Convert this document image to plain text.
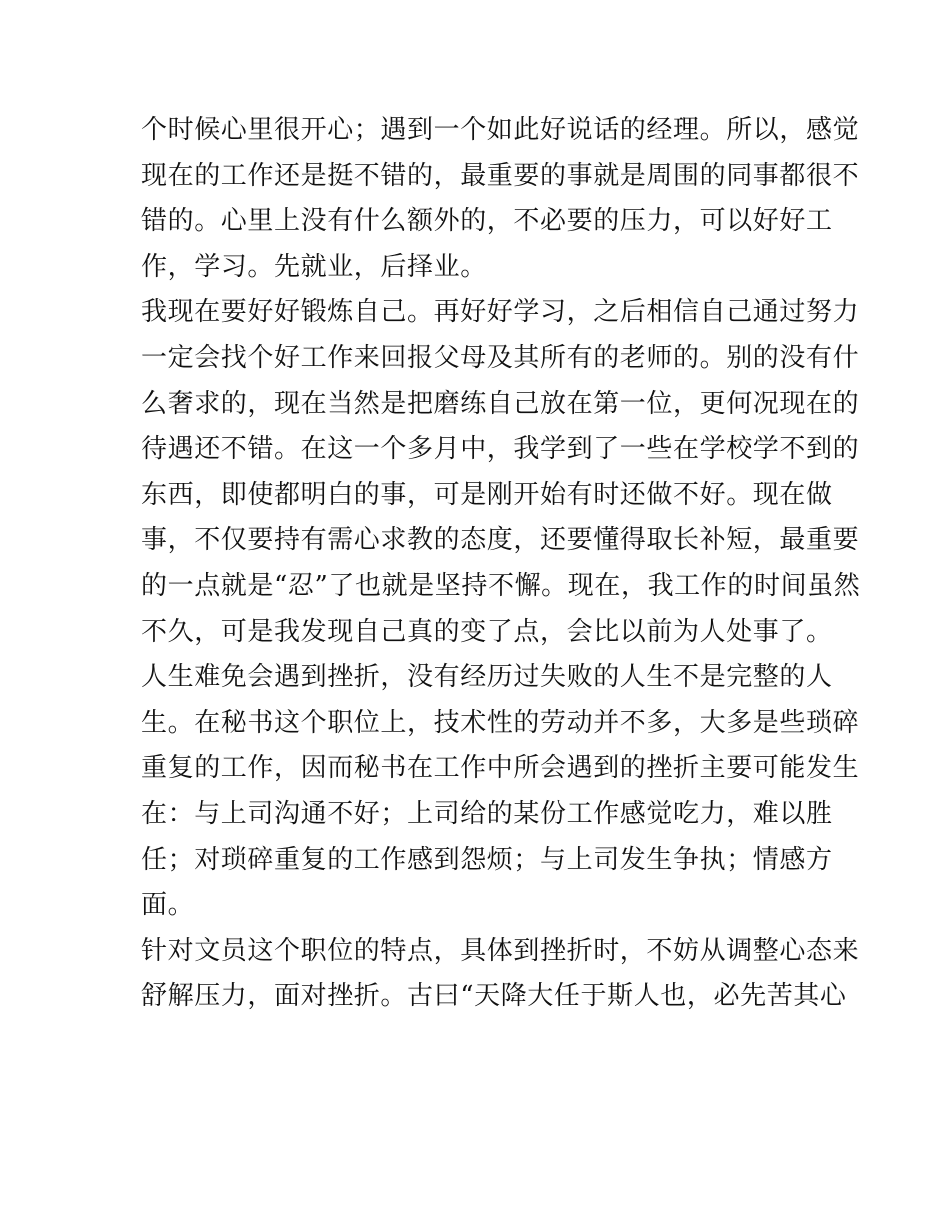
个时候心里很开心；遇到一个如此好说话的经理。所以，感觉

现在的工作还是挺不错的，最重要的事就是周围的同事都很不

错的。心里上没有什么额外的，不必要的压力，可以好好工

作，学习。先就业，后择业。

我现在要好好锻炼自己。再好好学习，之后相信自己通过努力

一定会找个好工作来回报父母及其所有的老师的。别的没有什

么奢求的，现在当然是把磨练自己放在第一位，更何况现在的

待遇还不错。在这一个多月中，我学到了一些在学校学不到的

东西，即使都明白的事，可是刚开始有时还做不好。现在做

事，不仅要持有需心求教的态度，还要懂得取长补短，最重要

的一点就是“忍”了也就是坚持不懈。现在，我工作的时间虽然

不久，可是我发现自己真的变了点，会比以前为人处事了。

人生难免会遇到挫折，没有经历过失败的人生不是完整的人

生。在秘书这个职位上，技术性的劳动并不多，大多是些琐碎

重复的工作，因而秘书在工作中所会遇到的挫折主要可能发生

在：与上司沟通不好；上司给的某份工作感觉吃力，难以胜

任；对琐碎重复的工作感到怨烦；与上司发生争执；情感方

面。

针对文员这个职位的特点，具体到挫折时，不妨从调整心态来

舒解压力，面对挫折。古曰“天降大任于斯人也，必先苦其心
